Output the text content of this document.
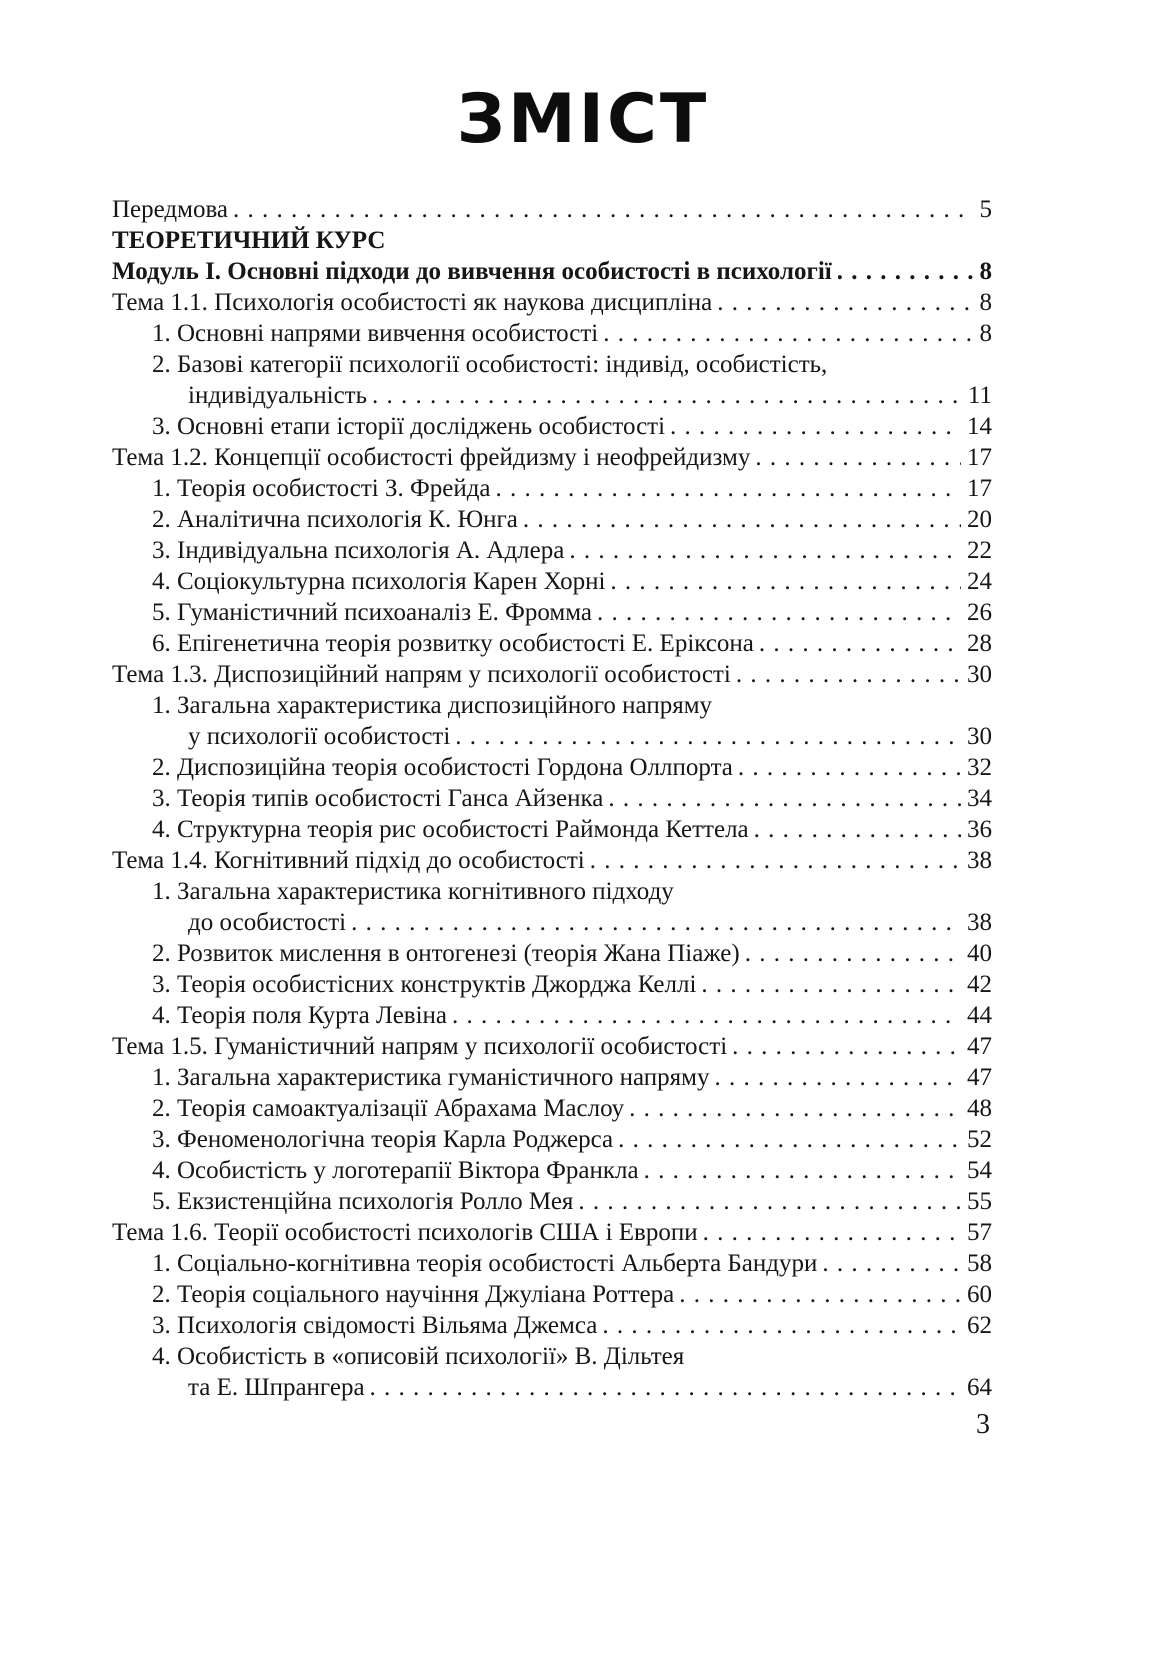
ЗМІСТ
Передмова . . .	5
ТЕОРЕТИЧНИЙ КУРС
Модуль І. Основні підходи до вивчення особистості в психології . . .	8
Тема 1.1. Психологія особистості як наукова дисципліна . . .	8
1. Основні напрями вивчення особистості . . .	8
2. Базові категорії психології особистості: індивід, особистість,
індивідуальність . . .	11
3. Основні етапи історії досліджень особистості . . .	14
Тема 1.2. Концепції особистості фрейдизму і неофрейдизму . . .	17
1. Теорія особистості З. Фрейда . . .	17
2. Аналітична психологія К. Юнга . . .	20
3. Індивідуальна психологія А. Адлера . . .	22
4. Соціокультурна психологія Карен Хорні . . .	24
5. Гуманістичний психоаналіз Е. Фромма . . .	26
6. Епігенетична теорія розвитку особистості Е. Еріксона . . .	28
Тема 1.3. Диспозиційний напрям у психології особистості . . .	30
1. Загальна характеристика диспозиційного напряму
у психології особистості . . .	30
2. Диспозиційна теорія особистості Гордона Оллпорта . . .	32
3. Теорія типів особистості Ганса Айзенка . . .	34
4. Структурна теорія рис особистості Раймонда Кеттела . . .	36
Тема 1.4. Когнітивний підхід до особистості . . .	38
1. Загальна характеристика когнітивного підходу
до особистості . . .	38
2. Розвиток мислення в онтогенезі (теорія Жана Піаже) . . .	40
3. Теорія особистісних конструктів Джорджа Келлі . . .	42
4. Теорія поля Курта Левіна . . .	44
Тема 1.5. Гуманістичний напрям у психології особистості . . .	47
1. Загальна характеристика гуманістичного напряму . . .	47
2. Теорія самоактуалізації Абрахама Маслоу . . .	48
3. Феноменологічна теорія Карла Роджерса . . .	52
4. Особистість у логотерапії Віктора Франкла . . .	54
5. Екзистенційна психологія Ролло Мея . . .	55
Тема 1.6. Теорії особистості психологів США і Европи . . .	57
1. Соціально-когнітивна теорія особистості Альберта Бандури . . .	58
2. Теорія соціального научіння Джуліана Роттера . . .	60
3. Психологія свідомості Вільяма Джемса . . .	62
4. Особистість в «описовій психології» В. Дільтея
та Е. Шпрангера . . .	64
3
